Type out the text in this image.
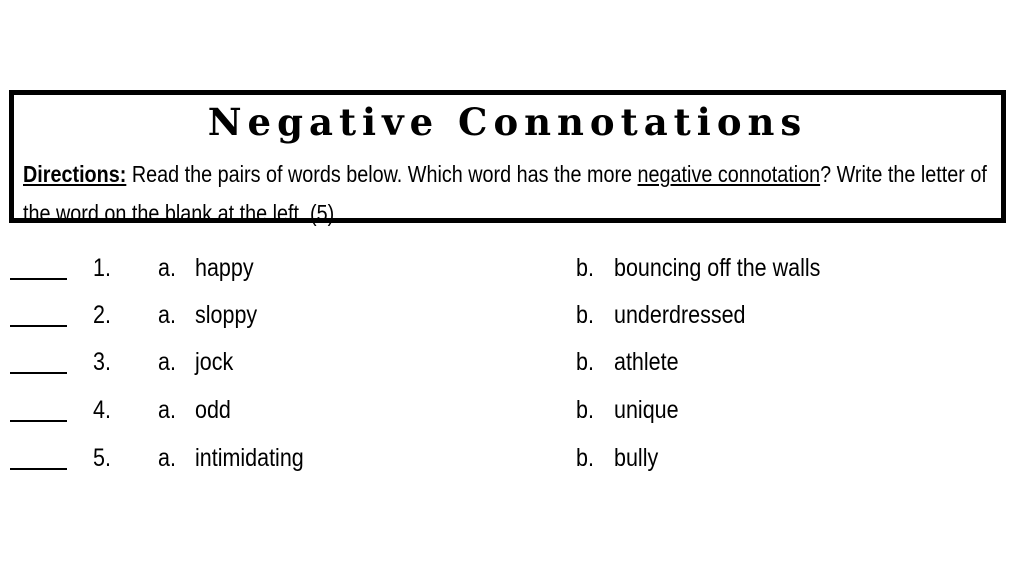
Negative Connotations
Directions: Read the pairs of words below. Which word has the more negative connotation? Write the letter of the word on the blank at the left. (5)
1. a. happy	b. bouncing off the walls
2. a. sloppy	b. underdressed
3. a. jock	b. athlete
4. a. odd	b. unique
5. a. intimidating	b. bully
